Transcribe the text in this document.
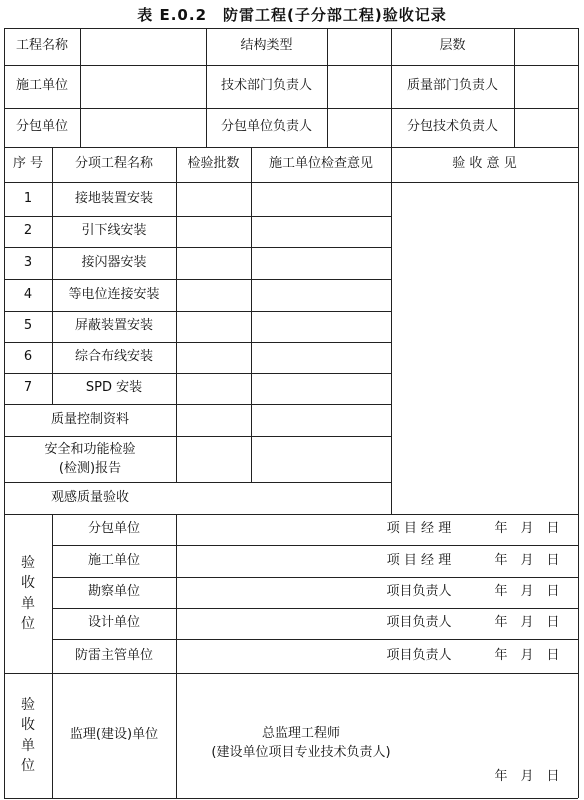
表 E.0.2　防雷工程(子分部工程)验收记录
工程名称	结构类型	层数
施工单位	技术部门负责人	质量部门负责人
分包单位	分包单位负责人	分包技术负责人
序 号	分项工程名称	检验批数	施工单位检查意见	验 收 意 见
1	接地装置安装
2	引下线安装
3	接闪器安装
4	等电位连接安装
5	屏蔽装置安装
6	综合布线安装
7	SPD 安装
质量控制资料
安全和功能检验
(检测)报告
观感质量验收
验
收
单
位
分包单位	项 目 经 理	年　月　日
施工单位	项 目 经 理	年　月　日
勘察单位	项目负责人	年　月　日
设计单位	项目负责人	年　月　日
防雷主管单位	项目负责人	年　月　日
验
收
单
位
监理(建设)单位	总监理工程师
(建设单位项目专业技术负责人)
年　月　日
